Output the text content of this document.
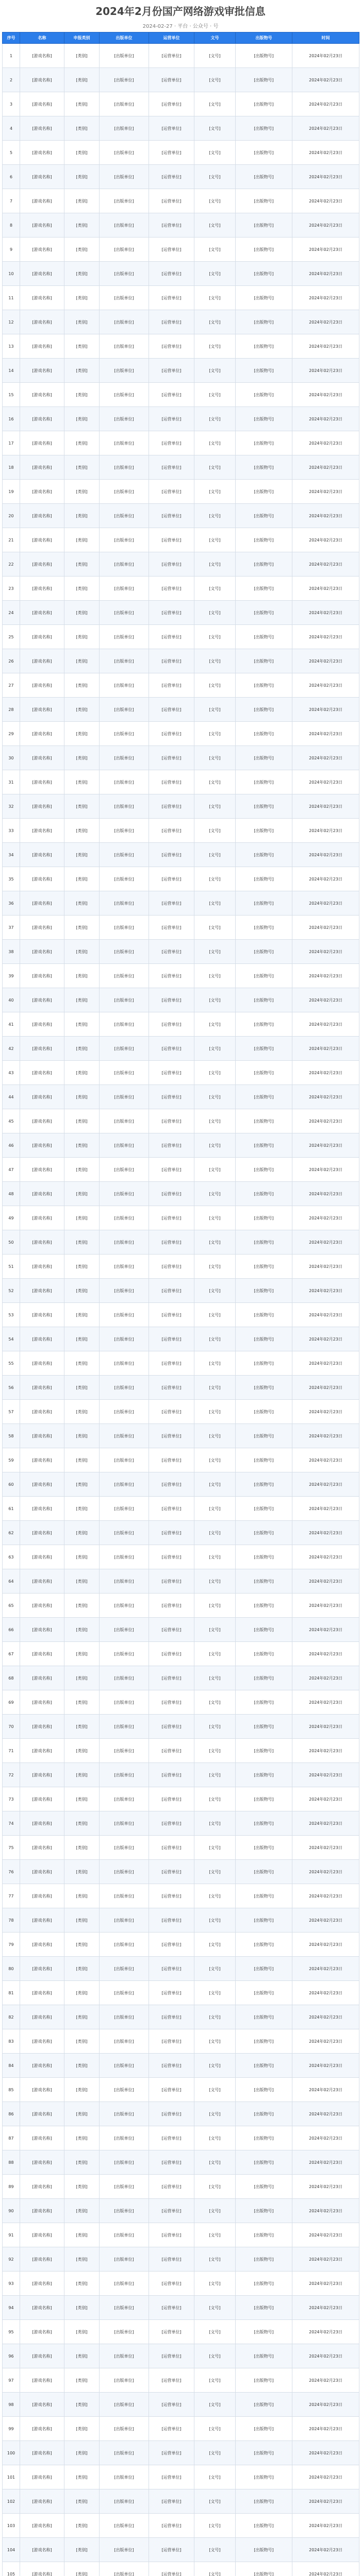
2024年2月份国产网络游戏审批信息
2024-02-27 · 平台 · 公众号 · 号
序号	名称	申报类别	出版单位	运营单位	文号	出版物号	时间
1	[游戏名称]	[类别]	[出版单位]	[运营单位]	[文号]	[出版物号]	2024年02月23日
2	[游戏名称]	[类别]	[出版单位]	[运营单位]	[文号]	[出版物号]	2024年02月23日
3	[游戏名称]	[类别]	[出版单位]	[运营单位]	[文号]	[出版物号]	2024年02月23日
4	[游戏名称]	[类别]	[出版单位]	[运营单位]	[文号]	[出版物号]	2024年02月23日
5	[游戏名称]	[类别]	[出版单位]	[运营单位]	[文号]	[出版物号]	2024年02月23日
6	[游戏名称]	[类别]	[出版单位]	[运营单位]	[文号]	[出版物号]	2024年02月23日
7	[游戏名称]	[类别]	[出版单位]	[运营单位]	[文号]	[出版物号]	2024年02月23日
8	[游戏名称]	[类别]	[出版单位]	[运营单位]	[文号]	[出版物号]	2024年02月23日
9	[游戏名称]	[类别]	[出版单位]	[运营单位]	[文号]	[出版物号]	2024年02月23日
10	[游戏名称]	[类别]	[出版单位]	[运营单位]	[文号]	[出版物号]	2024年02月23日
11	[游戏名称]	[类别]	[出版单位]	[运营单位]	[文号]	[出版物号]	2024年02月23日
12	[游戏名称]	[类别]	[出版单位]	[运营单位]	[文号]	[出版物号]	2024年02月23日
13	[游戏名称]	[类别]	[出版单位]	[运营单位]	[文号]	[出版物号]	2024年02月23日
14	[游戏名称]	[类别]	[出版单位]	[运营单位]	[文号]	[出版物号]	2024年02月23日
15	[游戏名称]	[类别]	[出版单位]	[运营单位]	[文号]	[出版物号]	2024年02月23日
16	[游戏名称]	[类别]	[出版单位]	[运营单位]	[文号]	[出版物号]	2024年02月23日
17	[游戏名称]	[类别]	[出版单位]	[运营单位]	[文号]	[出版物号]	2024年02月23日
18	[游戏名称]	[类别]	[出版单位]	[运营单位]	[文号]	[出版物号]	2024年02月23日
19	[游戏名称]	[类别]	[出版单位]	[运营单位]	[文号]	[出版物号]	2024年02月23日
20	[游戏名称]	[类别]	[出版单位]	[运营单位]	[文号]	[出版物号]	2024年02月23日
21	[游戏名称]	[类别]	[出版单位]	[运营单位]	[文号]	[出版物号]	2024年02月23日
22	[游戏名称]	[类别]	[出版单位]	[运营单位]	[文号]	[出版物号]	2024年02月23日
23	[游戏名称]	[类别]	[出版单位]	[运营单位]	[文号]	[出版物号]	2024年02月23日
24	[游戏名称]	[类别]	[出版单位]	[运营单位]	[文号]	[出版物号]	2024年02月23日
25	[游戏名称]	[类别]	[出版单位]	[运营单位]	[文号]	[出版物号]	2024年02月23日
26	[游戏名称]	[类别]	[出版单位]	[运营单位]	[文号]	[出版物号]	2024年02月23日
27	[游戏名称]	[类别]	[出版单位]	[运营单位]	[文号]	[出版物号]	2024年02月23日
28	[游戏名称]	[类别]	[出版单位]	[运营单位]	[文号]	[出版物号]	2024年02月23日
29	[游戏名称]	[类别]	[出版单位]	[运营单位]	[文号]	[出版物号]	2024年02月23日
30	[游戏名称]	[类别]	[出版单位]	[运营单位]	[文号]	[出版物号]	2024年02月23日
31	[游戏名称]	[类别]	[出版单位]	[运营单位]	[文号]	[出版物号]	2024年02月23日
32	[游戏名称]	[类别]	[出版单位]	[运营单位]	[文号]	[出版物号]	2024年02月23日
33	[游戏名称]	[类别]	[出版单位]	[运营单位]	[文号]	[出版物号]	2024年02月23日
34	[游戏名称]	[类别]	[出版单位]	[运营单位]	[文号]	[出版物号]	2024年02月23日
35	[游戏名称]	[类别]	[出版单位]	[运营单位]	[文号]	[出版物号]	2024年02月23日
36	[游戏名称]	[类别]	[出版单位]	[运营单位]	[文号]	[出版物号]	2024年02月23日
37	[游戏名称]	[类别]	[出版单位]	[运营单位]	[文号]	[出版物号]	2024年02月23日
38	[游戏名称]	[类别]	[出版单位]	[运营单位]	[文号]	[出版物号]	2024年02月23日
39	[游戏名称]	[类别]	[出版单位]	[运营单位]	[文号]	[出版物号]	2024年02月23日
40	[游戏名称]	[类别]	[出版单位]	[运营单位]	[文号]	[出版物号]	2024年02月23日
41	[游戏名称]	[类别]	[出版单位]	[运营单位]	[文号]	[出版物号]	2024年02月23日
42	[游戏名称]	[类别]	[出版单位]	[运营单位]	[文号]	[出版物号]	2024年02月23日
43	[游戏名称]	[类别]	[出版单位]	[运营单位]	[文号]	[出版物号]	2024年02月23日
44	[游戏名称]	[类别]	[出版单位]	[运营单位]	[文号]	[出版物号]	2024年02月23日
45	[游戏名称]	[类别]	[出版单位]	[运营单位]	[文号]	[出版物号]	2024年02月23日
46	[游戏名称]	[类别]	[出版单位]	[运营单位]	[文号]	[出版物号]	2024年02月23日
47	[游戏名称]	[类别]	[出版单位]	[运营单位]	[文号]	[出版物号]	2024年02月23日
48	[游戏名称]	[类别]	[出版单位]	[运营单位]	[文号]	[出版物号]	2024年02月23日
49	[游戏名称]	[类别]	[出版单位]	[运营单位]	[文号]	[出版物号]	2024年02月23日
50	[游戏名称]	[类别]	[出版单位]	[运营单位]	[文号]	[出版物号]	2024年02月23日
51	[游戏名称]	[类别]	[出版单位]	[运营单位]	[文号]	[出版物号]	2024年02月23日
52	[游戏名称]	[类别]	[出版单位]	[运营单位]	[文号]	[出版物号]	2024年02月23日
53	[游戏名称]	[类别]	[出版单位]	[运营单位]	[文号]	[出版物号]	2024年02月23日
54	[游戏名称]	[类别]	[出版单位]	[运营单位]	[文号]	[出版物号]	2024年02月23日
55	[游戏名称]	[类别]	[出版单位]	[运营单位]	[文号]	[出版物号]	2024年02月23日
56	[游戏名称]	[类别]	[出版单位]	[运营单位]	[文号]	[出版物号]	2024年02月23日
57	[游戏名称]	[类别]	[出版单位]	[运营单位]	[文号]	[出版物号]	2024年02月23日
58	[游戏名称]	[类别]	[出版单位]	[运营单位]	[文号]	[出版物号]	2024年02月23日
59	[游戏名称]	[类别]	[出版单位]	[运营单位]	[文号]	[出版物号]	2024年02月23日
60	[游戏名称]	[类别]	[出版单位]	[运营单位]	[文号]	[出版物号]	2024年02月23日
61	[游戏名称]	[类别]	[出版单位]	[运营单位]	[文号]	[出版物号]	2024年02月23日
62	[游戏名称]	[类别]	[出版单位]	[运营单位]	[文号]	[出版物号]	2024年02月23日
63	[游戏名称]	[类别]	[出版单位]	[运营单位]	[文号]	[出版物号]	2024年02月23日
64	[游戏名称]	[类别]	[出版单位]	[运营单位]	[文号]	[出版物号]	2024年02月23日
65	[游戏名称]	[类别]	[出版单位]	[运营单位]	[文号]	[出版物号]	2024年02月23日
66	[游戏名称]	[类别]	[出版单位]	[运营单位]	[文号]	[出版物号]	2024年02月23日
67	[游戏名称]	[类别]	[出版单位]	[运营单位]	[文号]	[出版物号]	2024年02月23日
68	[游戏名称]	[类别]	[出版单位]	[运营单位]	[文号]	[出版物号]	2024年02月23日
69	[游戏名称]	[类别]	[出版单位]	[运营单位]	[文号]	[出版物号]	2024年02月23日
70	[游戏名称]	[类别]	[出版单位]	[运营单位]	[文号]	[出版物号]	2024年02月23日
71	[游戏名称]	[类别]	[出版单位]	[运营单位]	[文号]	[出版物号]	2024年02月23日
72	[游戏名称]	[类别]	[出版单位]	[运营单位]	[文号]	[出版物号]	2024年02月23日
73	[游戏名称]	[类别]	[出版单位]	[运营单位]	[文号]	[出版物号]	2024年02月23日
74	[游戏名称]	[类别]	[出版单位]	[运营单位]	[文号]	[出版物号]	2024年02月23日
75	[游戏名称]	[类别]	[出版单位]	[运营单位]	[文号]	[出版物号]	2024年02月23日
76	[游戏名称]	[类别]	[出版单位]	[运营单位]	[文号]	[出版物号]	2024年02月23日
77	[游戏名称]	[类别]	[出版单位]	[运营单位]	[文号]	[出版物号]	2024年02月23日
78	[游戏名称]	[类别]	[出版单位]	[运营单位]	[文号]	[出版物号]	2024年02月23日
79	[游戏名称]	[类别]	[出版单位]	[运营单位]	[文号]	[出版物号]	2024年02月23日
80	[游戏名称]	[类别]	[出版单位]	[运营单位]	[文号]	[出版物号]	2024年02月23日
81	[游戏名称]	[类别]	[出版单位]	[运营单位]	[文号]	[出版物号]	2024年02月23日
82	[游戏名称]	[类别]	[出版单位]	[运营单位]	[文号]	[出版物号]	2024年02月23日
83	[游戏名称]	[类别]	[出版单位]	[运营单位]	[文号]	[出版物号]	2024年02月23日
84	[游戏名称]	[类别]	[出版单位]	[运营单位]	[文号]	[出版物号]	2024年02月23日
85	[游戏名称]	[类别]	[出版单位]	[运营单位]	[文号]	[出版物号]	2024年02月23日
86	[游戏名称]	[类别]	[出版单位]	[运营单位]	[文号]	[出版物号]	2024年02月23日
87	[游戏名称]	[类别]	[出版单位]	[运营单位]	[文号]	[出版物号]	2024年02月23日
88	[游戏名称]	[类别]	[出版单位]	[运营单位]	[文号]	[出版物号]	2024年02月23日
89	[游戏名称]	[类别]	[出版单位]	[运营单位]	[文号]	[出版物号]	2024年02月23日
90	[游戏名称]	[类别]	[出版单位]	[运营单位]	[文号]	[出版物号]	2024年02月23日
91	[游戏名称]	[类别]	[出版单位]	[运营单位]	[文号]	[出版物号]	2024年02月23日
92	[游戏名称]	[类别]	[出版单位]	[运营单位]	[文号]	[出版物号]	2024年02月23日
93	[游戏名称]	[类别]	[出版单位]	[运营单位]	[文号]	[出版物号]	2024年02月23日
94	[游戏名称]	[类别]	[出版单位]	[运营单位]	[文号]	[出版物号]	2024年02月23日
95	[游戏名称]	[类别]	[出版单位]	[运营单位]	[文号]	[出版物号]	2024年02月23日
96	[游戏名称]	[类别]	[出版单位]	[运营单位]	[文号]	[出版物号]	2024年02月23日
97	[游戏名称]	[类别]	[出版单位]	[运营单位]	[文号]	[出版物号]	2024年02月23日
98	[游戏名称]	[类别]	[出版单位]	[运营单位]	[文号]	[出版物号]	2024年02月23日
99	[游戏名称]	[类别]	[出版单位]	[运营单位]	[文号]	[出版物号]	2024年02月23日
100	[游戏名称]	[类别]	[出版单位]	[运营单位]	[文号]	[出版物号]	2024年02月23日
101	[游戏名称]	[类别]	[出版单位]	[运营单位]	[文号]	[出版物号]	2024年02月23日
102	[游戏名称]	[类别]	[出版单位]	[运营单位]	[文号]	[出版物号]	2024年02月23日
103	[游戏名称]	[类别]	[出版单位]	[运营单位]	[文号]	[出版物号]	2024年02月23日
104	[游戏名称]	[类别]	[出版单位]	[运营单位]	[文号]	[出版物号]	2024年02月23日
105	[游戏名称]	[类别]	[出版单位]	[运营单位]	[文号]	[出版物号]	2024年02月23日
